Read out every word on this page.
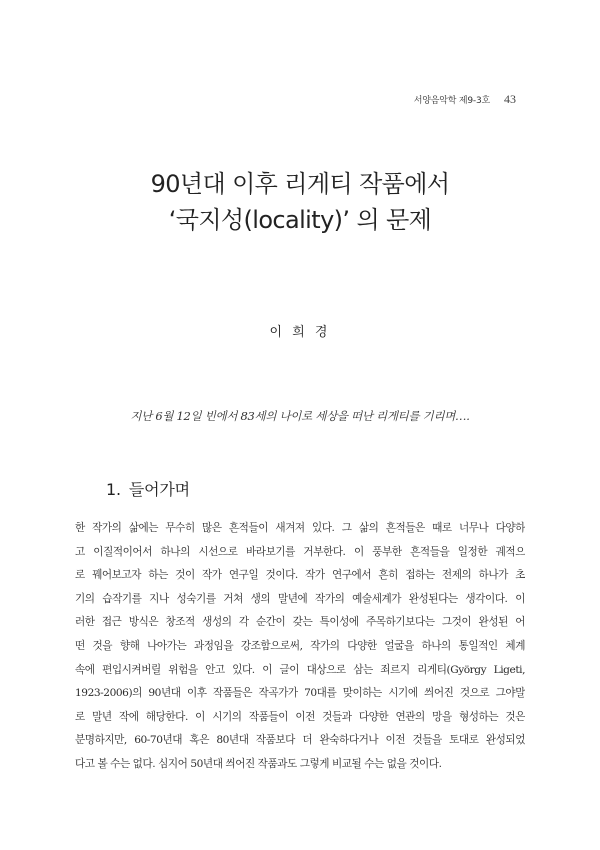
서양음악학 제9-3호 43
90년대 이후 리게티 작품에서
‘국지성(locality)’ 의 문제
이 희 경
지난 6월 12일 빈에서 83세의 나이로 세상을 떠난 리게티를 기리며….
1. 들어가며

한 작가의 삶에는 무수히 많은 흔적들이 새겨져 있다. 그 삶의 흔적들은 때로 너무나 다양하
고 이질적이어서 하나의 시선으로 바라보기를 거부한다. 이 풍부한 흔적들을 일정한 궤적으
로 꿰어보고자 하는 것이 작가 연구일 것이다. 작가 연구에서 흔히 접하는 전제의 하나가 초
기의 습작기를 지나 성숙기를 거쳐 생의 말년에 작가의 예술세계가 완성된다는 생각이다. 이
러한 접근 방식은 창조적 생성의 각 순간이 갖는 특이성에 주목하기보다는 그것이 완성된 어
떤 것을 향해 나아가는 과정임을 강조함으로써, 작가의 다양한 얼굴을 하나의 통일적인 체계
속에 편입시켜버릴 위험을 안고 있다. 이 글이 대상으로 삼는 죄르지 리게티(György Ligeti,
1923-2006)의 90년대 이후 작품들은 작곡가가 70대를 맞이하는 시기에 씌어진 것으로 그야말
로 말년 작에 해당한다. 이 시기의 작품들이 이전 것들과 다양한 연관의 망을 형성하는 것은
분명하지만, 60-70년대 혹은 80년대 작품보다 더 완숙하다거나 이전 것들을 토대로 완성되었
다고 볼 수는 없다. 심지어 50년대 씌어진 작품과도 그렇게 비교될 수는 없을 것이다.
